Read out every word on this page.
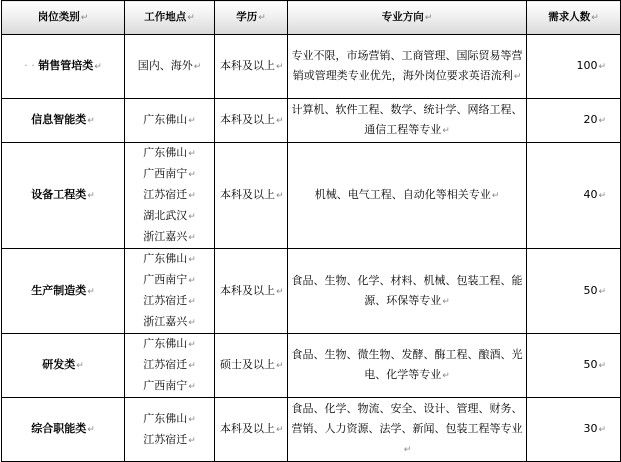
岗位类别↵	工作地点↵	学历↵	专业方向↵	需求人数↵
· · 销售管培类↵	国内、海外↵	本科及以上↵	专业不限，市场营销、工商管理、国际贸易等营销或管理类专业优先，海外岗位要求英语流利↵	100↵
信息智能类↵	广东佛山↵	本科及以上↵	计算机、软件工程、数学、统计学、网络工程、通信工程等专业↵	20↵
设备工程类↵	广东佛山↵
广西南宁↵
江苏宿迁↵
湖北武汉↵
浙江嘉兴↵	本科及以上↵	机械、电气工程、自动化等相关专业↵	40↵
生产制造类↵	广东佛山↵
广西南宁↵
江苏宿迁↵
浙江嘉兴↵	本科及以上↵	食品、生物、化学、材料、机械、包装工程、能源、环保等专业↵	50↵
研发类↵	广东佛山↵
江苏宿迁↵
广西南宁↵	硕士及以上↵	食品、生物、微生物、发酵、酶工程、酿酒、光电、化学等专业↵	50↵
综合职能类↵	广东佛山↵
江苏宿迁↵	本科及以上↵	食品、化学、物流、安全、设计、管理、财务、营销、人力资源、法学、新闻、包装工程等专业↵	30↵
